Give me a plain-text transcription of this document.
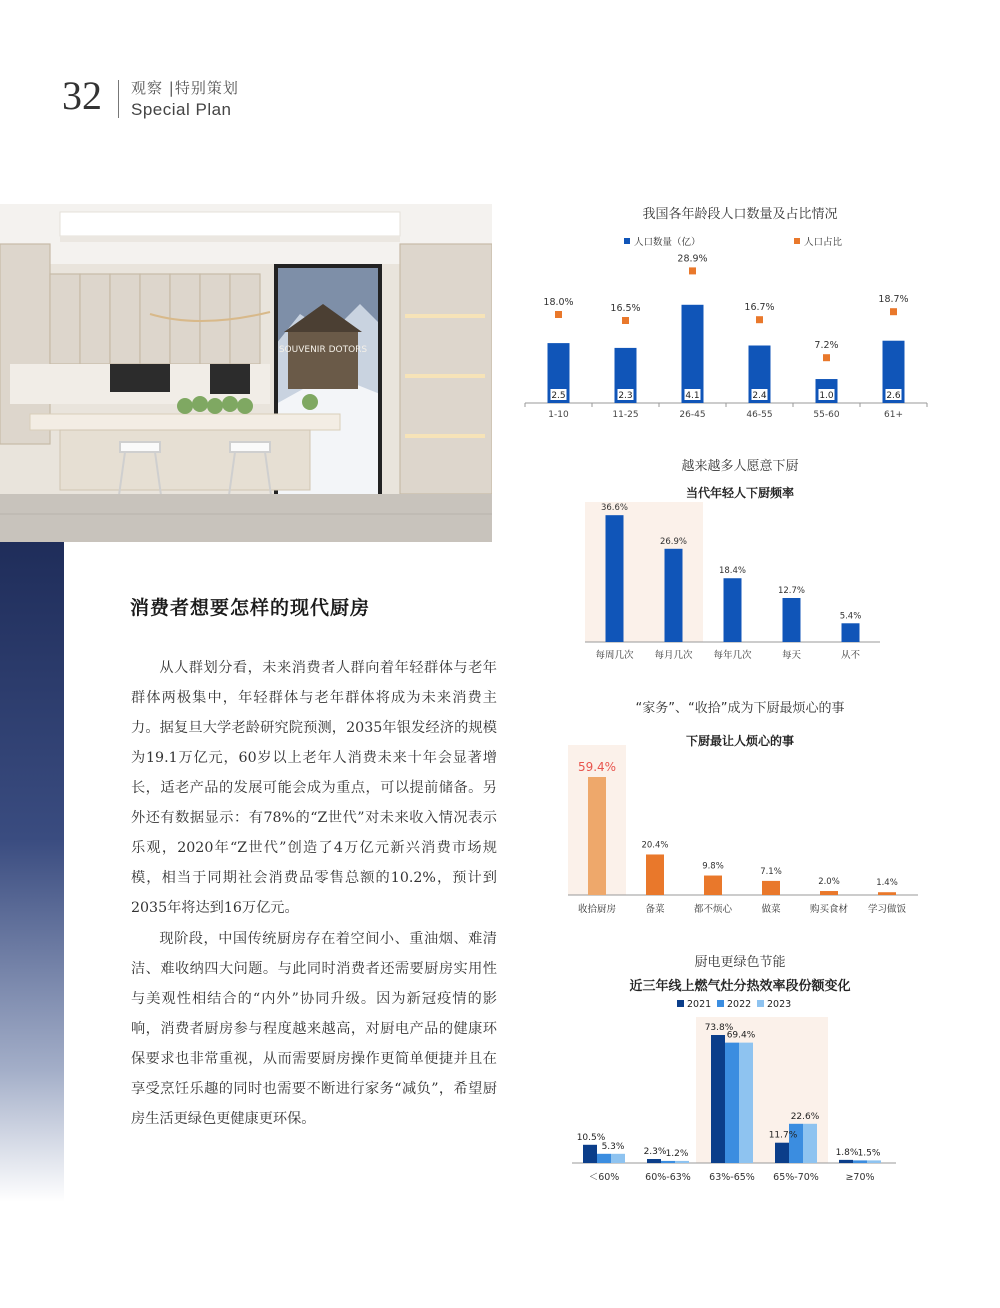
32 观察 |特别策划
Special Plan
SOUVENIR DOTORS
消费者想要怎样的现代厨房

从人群划分看，未来消费者人群向着年轻群体与老年群体两极集中，年轻群体与老年群体将成为未来消费主力。据复旦大学老龄研究院预测，2035年银发经济的规模为19.1万亿元，60岁以上老年人消费未来十年会显著增长，适老产品的发展可能会成为重点，可以提前储备。另外还有数据显示：有78%的“Z世代”对未来收入情况表示乐观，2020年“Z世代”创造了4万亿元新兴消费市场规模，相当于同期社会消费品零售总额的10.2%，预计到2035年将达到16万亿元。

现阶段，中国传统厨房存在着空间小、重油烟、难清洁、难收纳四大问题。与此同时消费者还需要厨房实用性与美观性相结合的“内外”协同升级。因为新冠疫情的影响，消费者厨房参与程度越来越高，对厨电产品的健康环保要求也非常重视，从而需要厨房操作更简单便捷并且在享受烹饪乐趣的同时也需要不断进行家务“减负”，希望厨房生活更绿色更健康更环保。

我国各年龄段人口数量及占比情况
人口数量（亿）	人口占比
2.5
18.0%
1-10
2.3
16.5%
11-25
4.1
28.9%
26-45
2.4
16.7%
46-55
1.0
7.2%
55-60
2.6
18.7%
61+
越来越多人愿意下厨
当代年轻人下厨频率
36.6%
每周几次
26.9%
每月几次
18.4%
每年几次
12.7%
每天
5.4%
从不
“家务”、“收拾”成为下厨最烦心的事
下厨最让人烦心的事
59.4%
收拾厨房
20.4%
备菜
9.8%
都不烦心
7.1%
做菜
2.0%
购买食材
1.4%
学习做饭
厨电更绿色节能
近三年线上燃气灶分热效率段份额变化
2021 2022 2023
10.5%
5.3%
＜60%
2.3% 1.2%
60%-63%
73.8%
69.4%
63%-65%
11.7%
22.6%
65%-70%
1.8% 1.5%
≥70%
